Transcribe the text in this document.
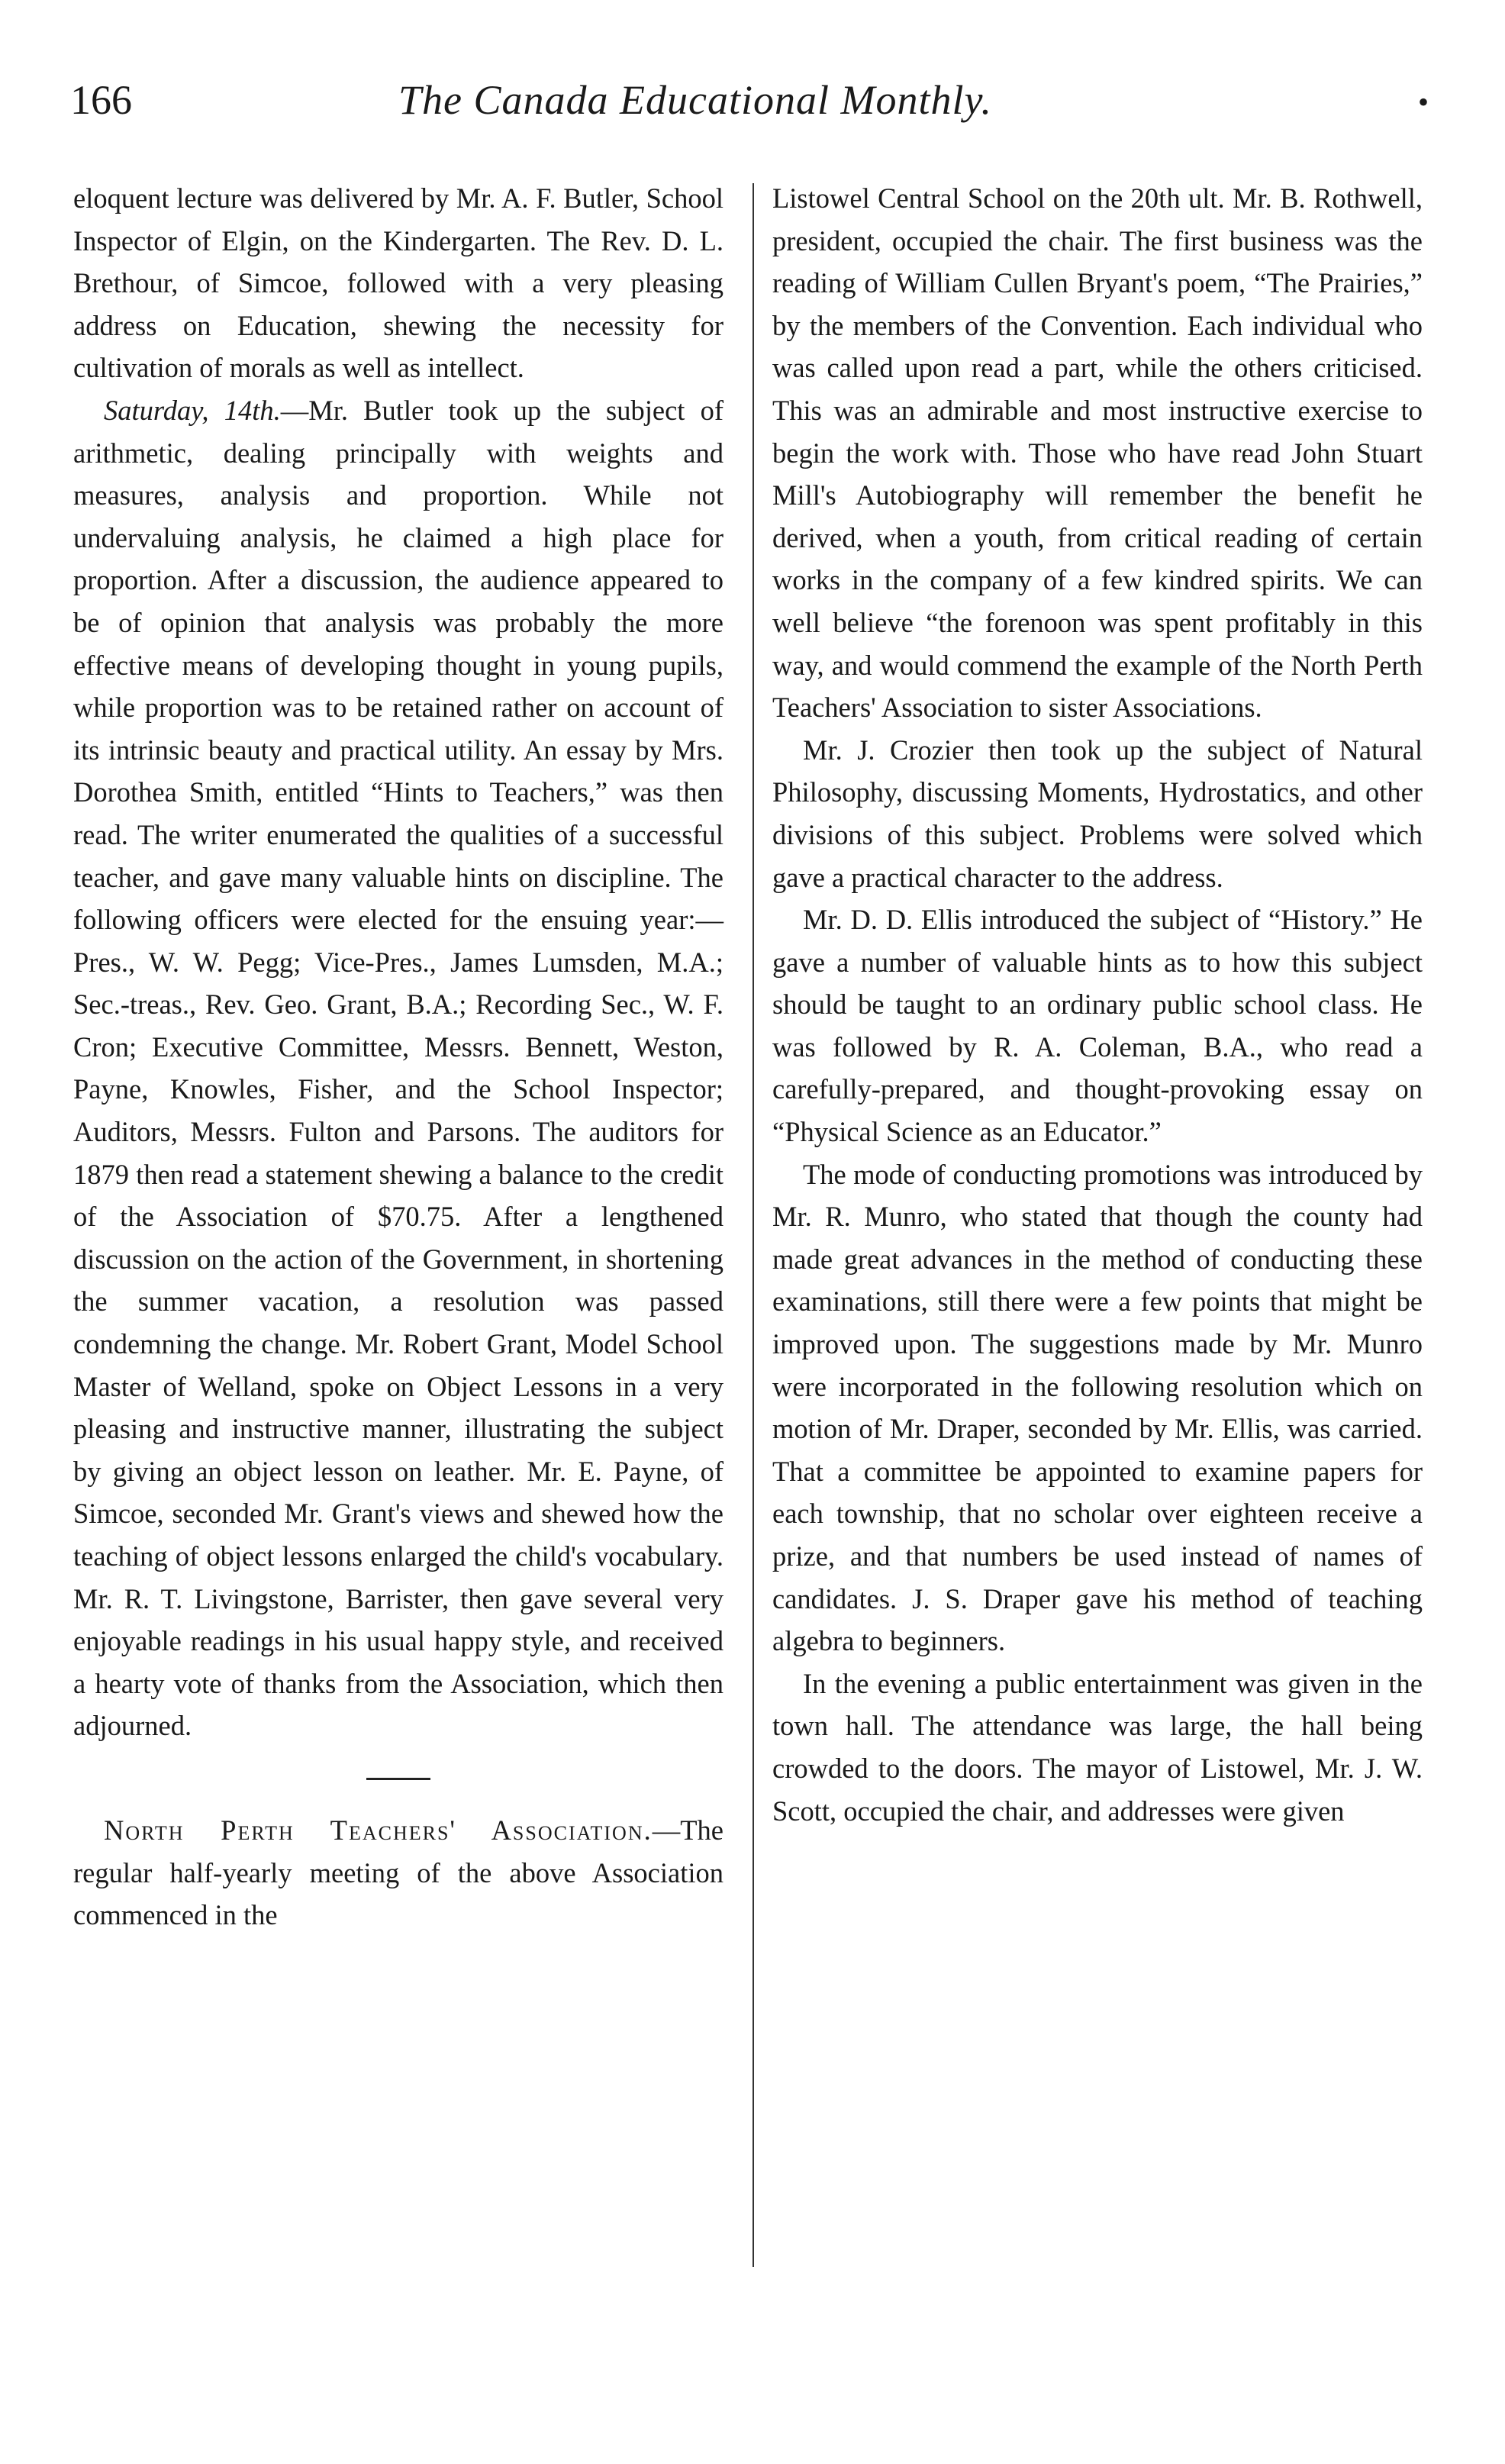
166	The Canada Educational Monthly.	•

eloquent lecture was delivered by Mr. A. F. Butler, School Inspector of Elgin, on the Kindergarten. The Rev. D. L. Brethour, of Simcoe, followed with a very pleasing address on Education, shewing the necessity for cultivation of morals as well as intellect.

Saturday, 14th.—Mr. Butler took up the subject of arithmetic, dealing principally with weights and measures, analysis and proportion. While not undervaluing analysis, he claimed a high place for proportion. After a discussion, the audience appeared to be of opinion that analysis was probably the more effective means of developing thought in young pupils, while proportion was to be retained rather on account of its intrinsic beauty and practical utility. An essay by Mrs. Dorothea Smith, entitled “Hints to Teachers,” was then read. The writer enumerated the qualities of a successful teacher, and gave many valuable hints on discipline. The following officers were elected for the ensuing year:—Pres., W. W. Pegg; Vice-Pres., James Lumsden, M.A.; Sec.-treas., Rev. Geo. Grant, B.A.; Recording Sec., W. F. Cron; Executive Committee, Messrs. Bennett, Weston, Payne, Knowles, Fisher, and the School Inspector; Auditors, Messrs. Fulton and Parsons. The auditors for 1879 then read a statement shewing a balance to the credit of the Association of $70.75. After a lengthened discussion on the action of the Government, in shortening the summer vacation, a resolution was passed condemning the change. Mr. Robert Grant, Model School Master of Welland, spoke on Object Lessons in a very pleasing and instructive manner, illustrating the subject by giving an object lesson on leather. Mr. E. Payne, of Simcoe, seconded Mr. Grant's views and shewed how the teaching of object lessons enlarged the child's vocabulary. Mr. R. T. Livingstone, Barrister, then gave several very enjoyable readings in his usual happy style, and received a hearty vote of thanks from the Association, which then adjourned.

North Perth Teachers' Association.—The regular half-yearly meeting of the above Association commenced in the

Listowel Central School on the 20th ult. Mr. B. Rothwell, president, occupied the chair. The first business was the reading of William Cullen Bryant's poem, “The Prairies,” by the members of the Convention. Each individual who was called upon read a part, while the others criticised. This was an admirable and most instructive exercise to begin the work with. Those who have read John Stuart Mill's Autobiography will remember the benefit he derived, when a youth, from critical reading of certain works in the company of a few kindred spirits. We can well believe “the forenoon was spent profitably in this way, and would commend the example of the North Perth Teachers' Association to sister Associations.

Mr. J. Crozier then took up the subject of Natural Philosophy, discussing Moments, Hydrostatics, and other divisions of this subject. Problems were solved which gave a practical character to the address.

Mr. D. D. Ellis introduced the subject of “History.” He gave a number of valuable hints as to how this subject should be taught to an ordinary public school class. He was followed by R. A. Coleman, B.A., who read a carefully-prepared, and thought-provoking essay on “Physical Science as an Educator.”

The mode of conducting promotions was introduced by Mr. R. Munro, who stated that though the county had made great advances in the method of conducting these examinations, still there were a few points that might be improved upon. The suggestions made by Mr. Munro were incorporated in the following resolution which on motion of Mr. Draper, seconded by Mr. Ellis, was carried. That a committee be appointed to examine papers for each township, that no scholar over eighteen receive a prize, and that numbers be used instead of names of candidates. J. S. Draper gave his method of teaching algebra to beginners.

In the evening a public entertainment was given in the town hall. The attendance was large, the hall being crowded to the doors. The mayor of Listowel, Mr. J. W. Scott, occupied the chair, and addresses were given
